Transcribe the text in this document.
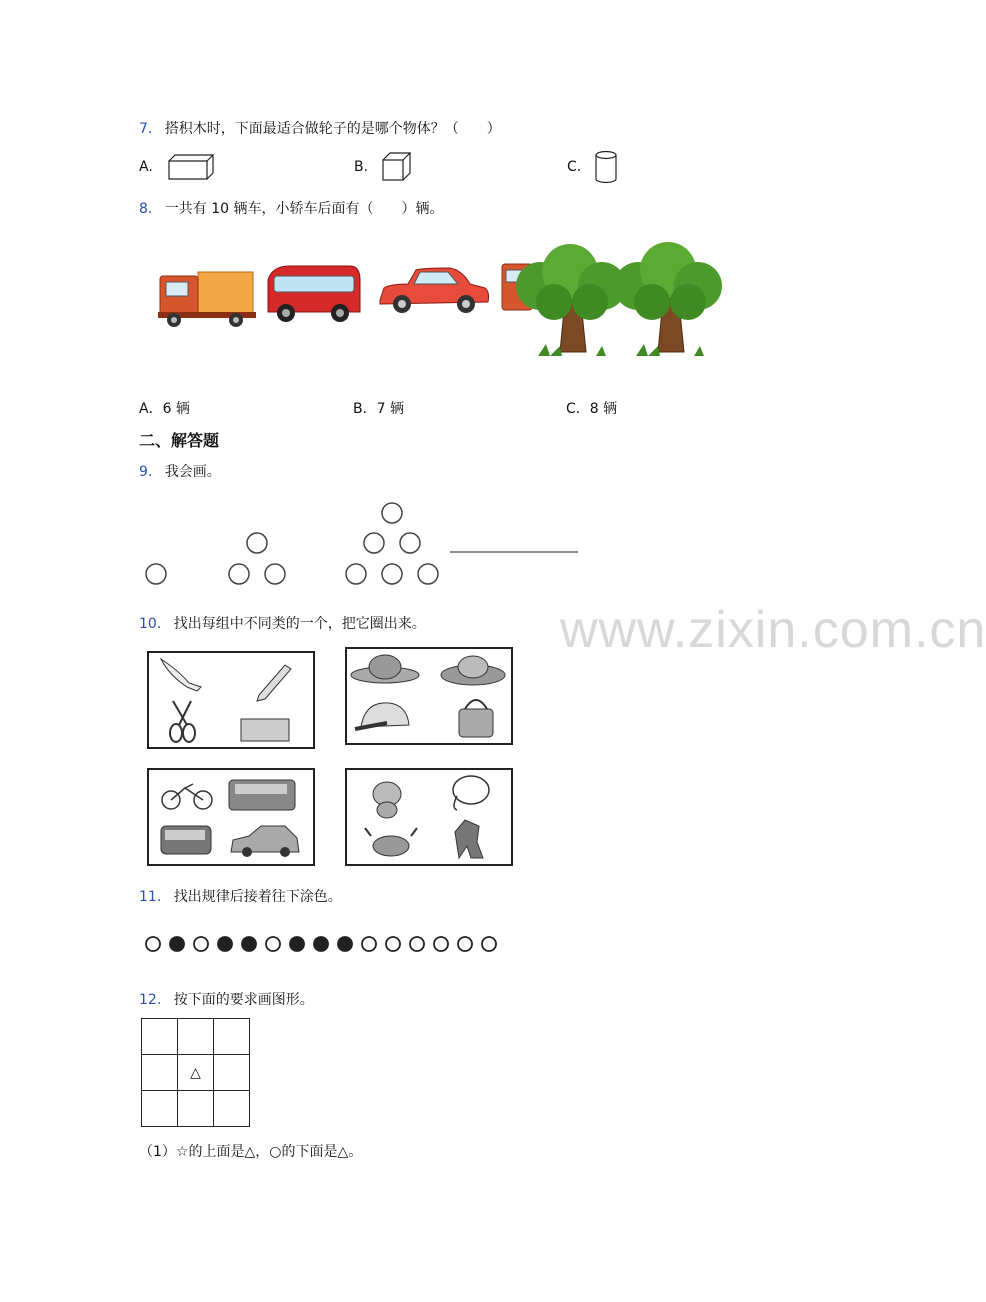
www.zixin.com.cn
7. 搭积木时，下面最适合做轮子的是哪个物体？（　　）
A.	B.	C.
8. 一共有 10 辆车，小轿车后面有（　　）辆。
A．6 辆	B．7 辆	C．8 辆
二、解答题
9. 我会画。
10. 找出每组中不同类的一个，把它圈出来。
11. 找出规律后接着往下涂色。
12. 按下面的要求画图形。

	△	

（1）☆的上面是△，○的下面是△。
